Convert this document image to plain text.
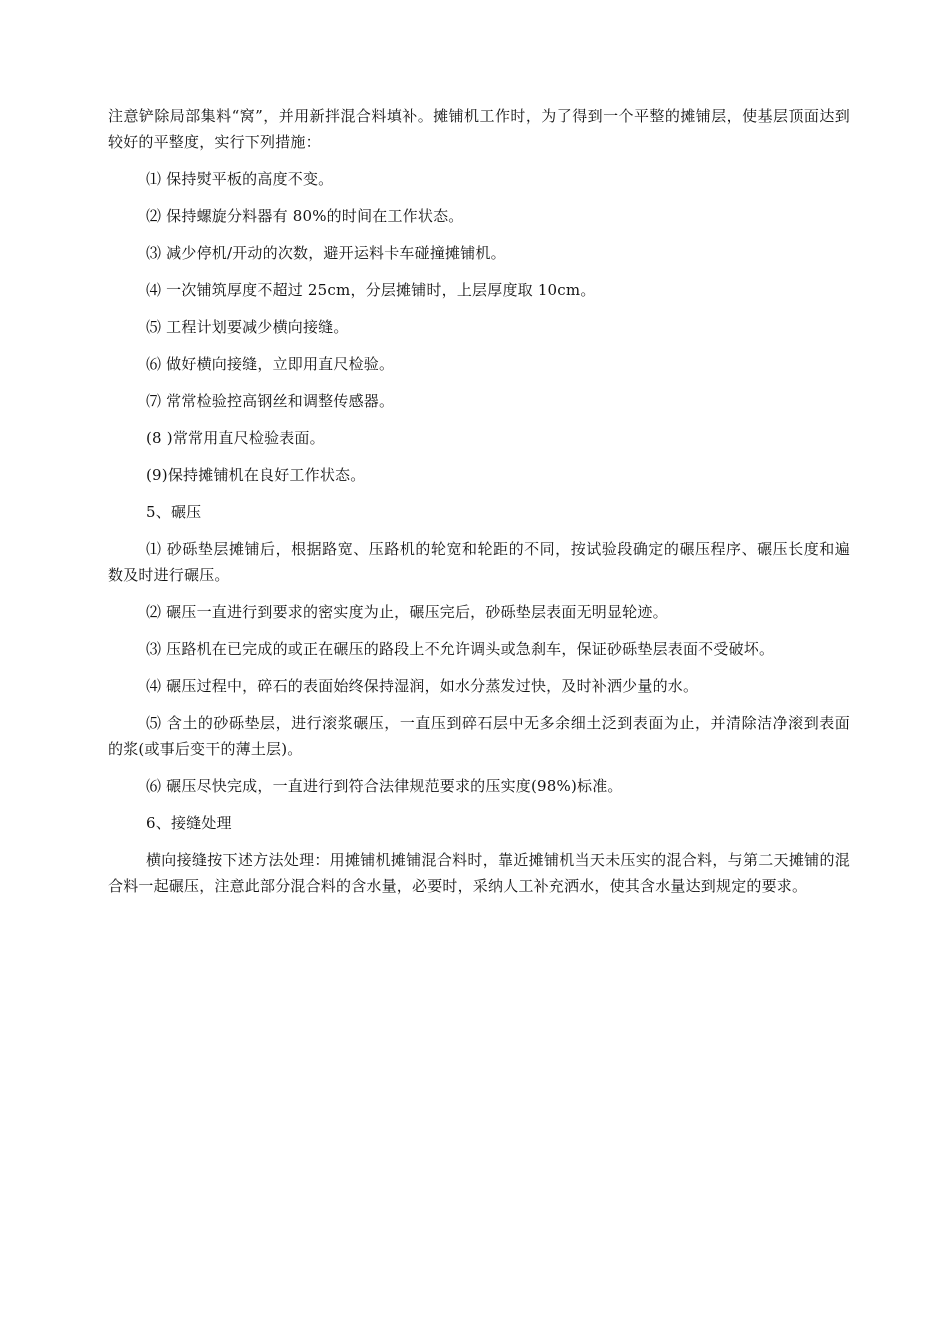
注意铲除局部集料“窝”，并用新拌混合料填补。摊铺机工作时，为了得到一个平整的摊铺层，使基层顶面达到较好的平整度，实行下列措施：

⑴ 保持熨平板的高度不变。

⑵ 保持螺旋分料器有 80%的时间在工作状态。

⑶ 减少停机/开动的次数，避开运料卡车碰撞摊铺机。

⑷ 一次铺筑厚度不超过 25cm，分层摊铺时，上层厚度取 10cm。

⑸ 工程计划要减少横向接缝。

⑹ 做好横向接缝，立即用直尺检验。

⑺ 常常检验控高钢丝和调整传感器。

(8 )常常用直尺检验表面。

(9)保持摊铺机在良好工作状态。

5、碾压

⑴ 砂砾垫层摊铺后，根据路宽、压路机的轮宽和轮距的不同，按试验段确定的碾压程序、碾压长度和遍数及时进行碾压。

⑵ 碾压一直进行到要求的密实度为止，碾压完后，砂砾垫层表面无明显轮迹。

⑶ 压路机在已完成的或正在碾压的路段上不允许调头或急刹车，保证砂砾垫层表面不受破坏。

⑷ 碾压过程中，碎石的表面始终保持湿润，如水分蒸发过快，及时补洒少量的水。

⑸ 含土的砂砾垫层，进行滚浆碾压，一直压到碎石层中无多余细土泛到表面为止，并清除洁净滚到表面的浆(或事后变干的薄土层)。

⑹ 碾压尽快完成，一直进行到符合法律规范要求的压实度(98%)标准。

6、接缝处理

横向接缝按下述方法处理：用摊铺机摊铺混合料时，靠近摊铺机当天未压实的混合料，与第二天摊铺的混合料一起碾压，注意此部分混合料的含水量，必要时，采纳人工补充洒水，使其含水量达到规定的要求。
